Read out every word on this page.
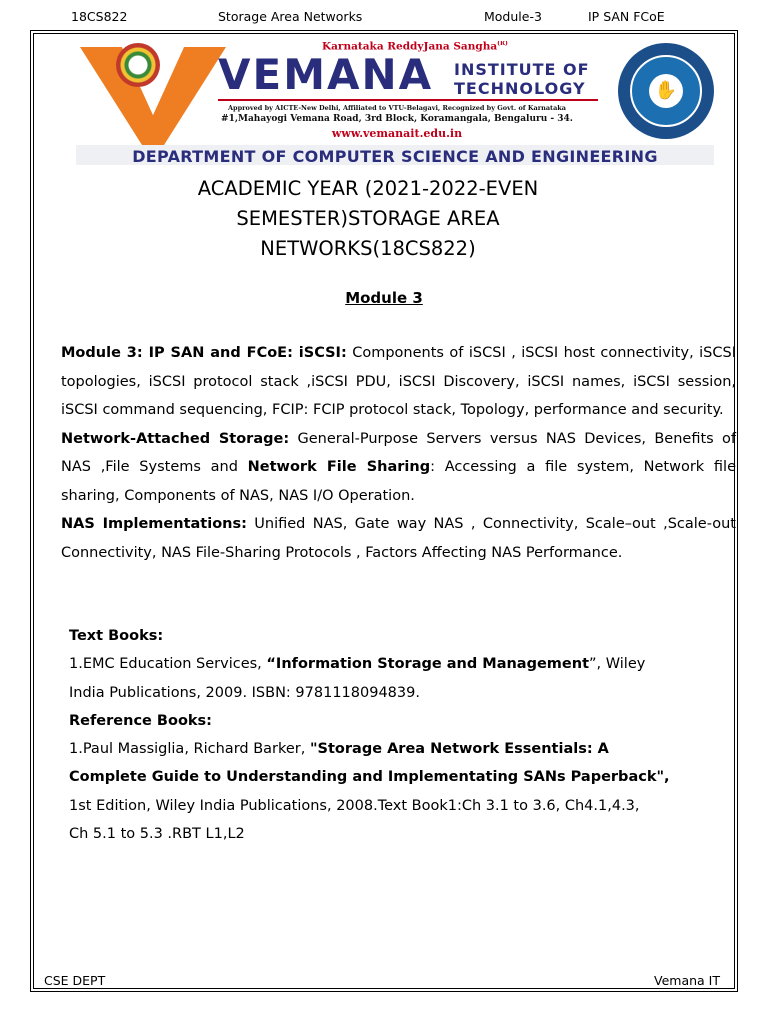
18CS822	Storage Area Networks	Module-3	IP SAN FCoE
Karnataka ReddyJana Sangha$^{(R)}$
VEMANA INSTITUTE OF
TECHNOLOGY
Approved by AICTE-New Delhi, Affiliated to VTU-Belagavi, Recognized by Govt. of Karnataka
#1,Mahayogi Vemana Road, 3rd Block, Koramangala, Bengaluru - 34.
www.vemanait.edu.in
✋
DEPARTMENT OF COMPUTER SCIENCE AND ENGINEERING
ACADEMIC YEAR (2021-2022-EVEN
SEMESTER)STORAGE AREA
NETWORKS(18CS822)
Module 3

Module 3: IP SAN and FCoE: iSCSI: Components of iSCSI , iSCSI host connectivity, iSCSI topologies, iSCSI protocol stack ,iSCSI PDU, iSCSI Discovery, iSCSI names, iSCSI session, iSCSI command sequencing, FCIP: FCIP protocol stack, Topology, performance and security.

Network-Attached Storage: General-Purpose Servers versus NAS Devices, Benefits of NAS ,File Systems and Network File Sharing: Accessing a file system, Network file sharing, Components of NAS, NAS I/O Operation.

NAS Implementations: Unified NAS, Gate way NAS , Connectivity, Scale–out ,Scale-out Connectivity, NAS File-Sharing Protocols , Factors Affecting NAS Performance.

Text Books:

1.EMC Education Services, “Information Storage and Management”, Wiley

India Publications, 2009. ISBN: 9781118094839.

Reference Books:

1.Paul Massiglia, Richard Barker, "Storage Area Network Essentials: A

Complete Guide to Understanding and Implementating SANs Paperback",

1st Edition, Wiley India Publications, 2008.Text Book1:Ch 3.1 to 3.6, Ch4.1,4.3,

Ch 5.1 to 5.3 .RBT L1,L2

CSE DEPT	Vemana IT
